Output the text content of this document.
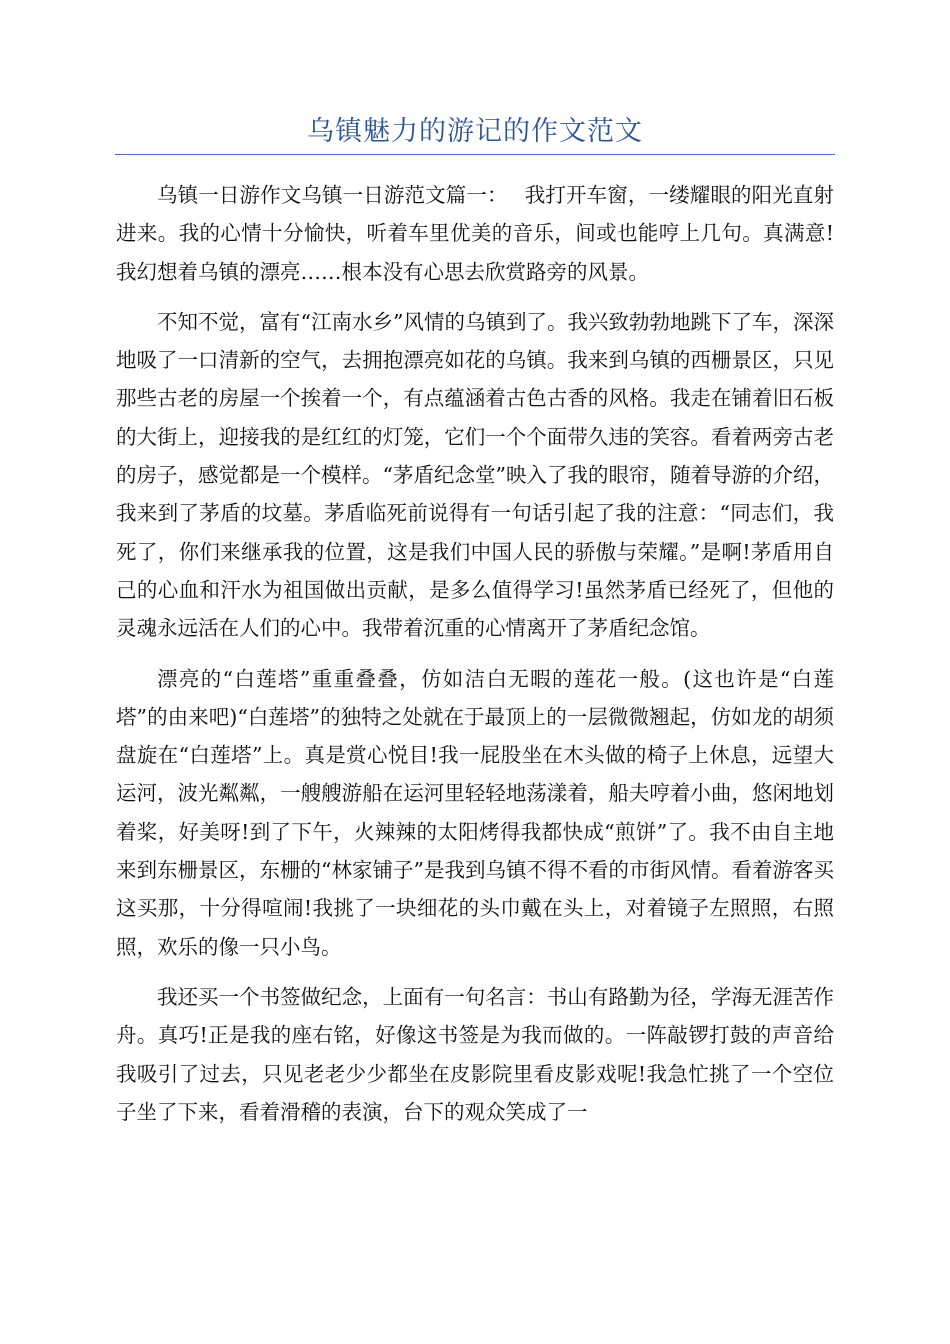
乌镇魅力的游记的作文范文

乌镇一日游作文乌镇一日游范文篇一：　 我打开车窗，一缕耀眼的阳光直射进来。我的心情十分愉快，听着车里优美的音乐，间或也能哼上几句。真满意!我幻想着乌镇的漂亮……根本没有心思去欣赏路旁的风景。

不知不觉，富有“江南水乡”风情的乌镇到了。我兴致勃勃地跳下了车，深深地吸了一口清新的空气，去拥抱漂亮如花的乌镇。我来到乌镇的西栅景区，只见那些古老的房屋一个挨着一个，有点蕴涵着古色古香的风格。我走在铺着旧石板的大街上，迎接我的是红红的灯笼，它们一个个面带久违的笑容。看着两旁古老的房子，感觉都是一个模样。“茅盾纪念堂”映入了我的眼帘，随着导游的介绍，我来到了茅盾的坟墓。茅盾临死前说得有一句话引起了我的注意：“同志们，我死了，你们来继承我的位置，这是我们中国人民的骄傲与荣耀。”是啊!茅盾用自己的心血和汗水为祖国做出贡献，是多么值得学习!虽然茅盾已经死了，但他的灵魂永远活在人们的心中。我带着沉重的心情离开了茅盾纪念馆。

漂亮的“白莲塔”重重叠叠，仿如洁白无暇的莲花一般。(这也许是“白莲塔”的由来吧)“白莲塔”的独特之处就在于最顶上的一层微微翘起，仿如龙的胡须盘旋在“白莲塔”上。真是赏心悦目!我一屁股坐在木头做的椅子上休息，远望大运河，波光粼粼，一艘艘游船在运河里轻轻地荡漾着，船夫哼着小曲，悠闲地划着桨，好美呀!到了下午，火辣辣的太阳烤得我都快成“煎饼”了。我不由自主地来到东栅景区，东栅的“林家铺子”是我到乌镇不得不看的市街风情。看着游客买这买那，十分得喧闹!我挑了一块细花的头巾戴在头上，对着镜子左照照，右照照，欢乐的像一只小鸟。

我还买一个书签做纪念，上面有一句名言：书山有路勤为径，学海无涯苦作舟。真巧!正是我的座右铭，好像这书签是为我而做的。一阵敲锣打鼓的声音给我吸引了过去，只见老老少少都坐在皮影院里看皮影戏呢!我急忙挑了一个空位子坐了下来，看着滑稽的表演，台下的观众笑成了一
